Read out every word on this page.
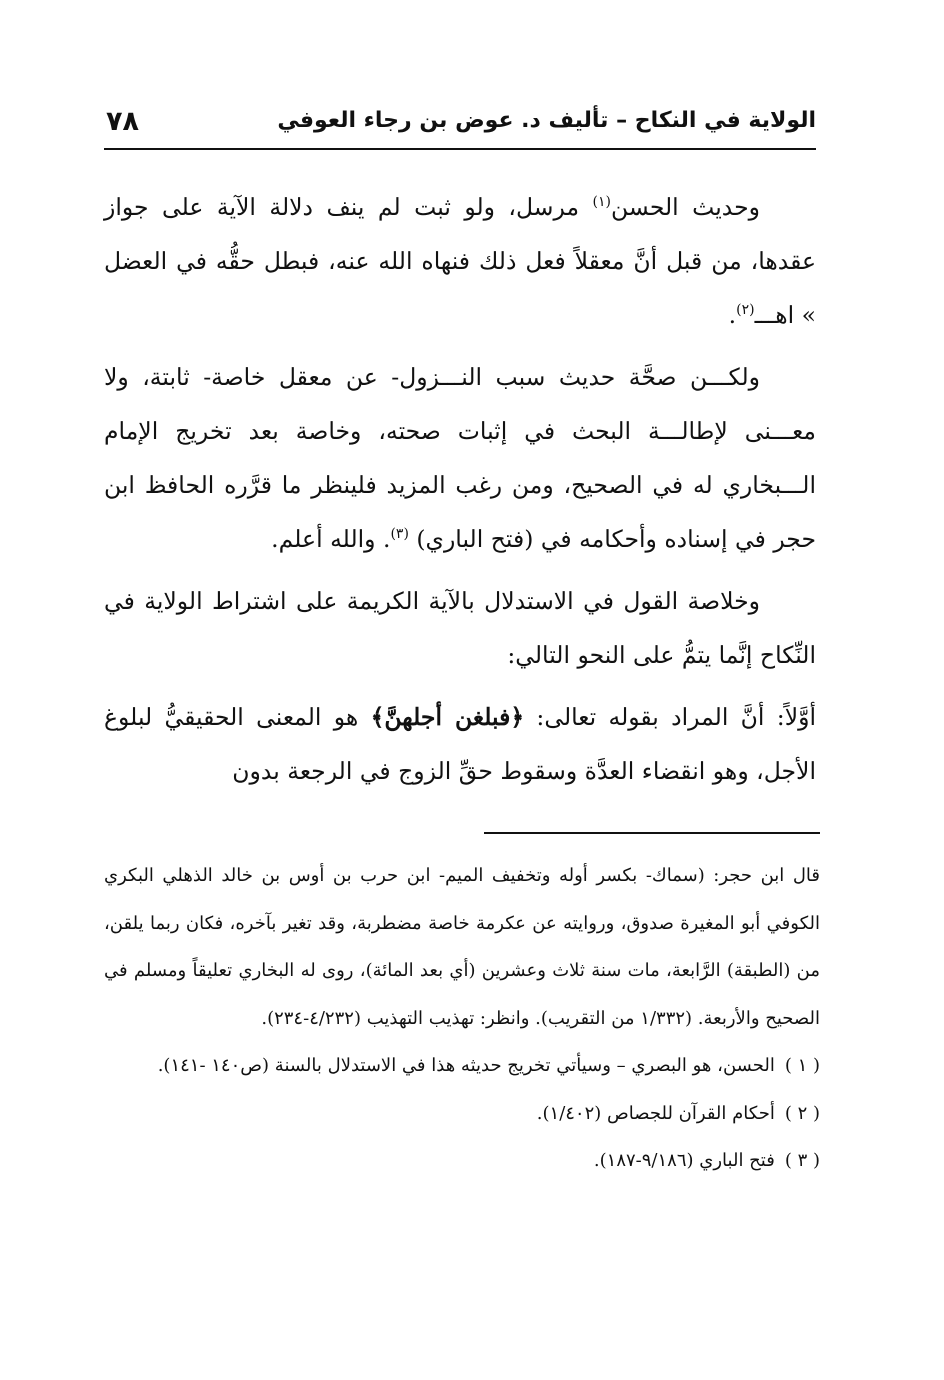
الولاية في النكاح – تأليف د. عوض بن رجاء العوفي
٧٨

وحديث الحسن$^{(١)}$ مرسل، ولو ثبت لم ينف دلالة الآية على جواز عقدها، من قبل أنَّ معقلاً فعل ذلك فنهاه الله عنه، فبطل حقُّه في العضل » اهـــ$^{(٢)}$.

ولكـــن صحَّة حديث سبب النـــزول- عن معقل خاصة- ثابتة، ولا معـــنى لإطالـــة البحث في إثبات صحته، وخاصة بعد تخريج الإمام الـــبخاري له في الصحيح، ومن رغب المزيد فلينظر ما قرَّره الحافظ ابن حجر في إسناده وأحكامه في (فتح الباري) $^{(٣)}$. والله أعلم.

وخلاصة القول في الاستدلال بالآية الكريمة على اشتراط الولاية في النِّكاح إنَّما يتمُّ على النحو التالي:

أوَّلاً: أنَّ المراد بقوله تعالى: ﴿فبلغن أجلهنَّ﴾ هو المعنى الحقيقيُّ لبلوغ الأجل، وهو انقضاء العدَّة وسقوط حقِّ الزوج في الرجعة بدون

قال ابن حجر: (سماك- بكسر أوله وتخفيف الميم- ابن حرب بن أوس بن خالد الذهلي البكري الكوفي أبو المغيرة صدوق، وروايته عن عكرمة خاصة مضطربة، وقد تغير بآخره، فكان ربما يلقن، من (الطبقة) الرَّابعة، مات سنة ثلاث وعشرين (أي بعد المائة)، روى له البخاري تعليقاً ومسلم في الصحيح والأربعة. (١/٣٣٢ من التقريب). وانظر: تهذيب التهذيب (٤/٢٣٢-٢٣٤).

( ١ )الحسن، هو البصري – وسيأتي تخريج حديثه هذا في الاستدلال بالسنة (ص١٤٠ -١٤١).

( ٢ )أحكام القرآن للجصاص (١/٤٠٢).

( ٣ )فتح الباري (٩/١٨٦-١٨٧).
